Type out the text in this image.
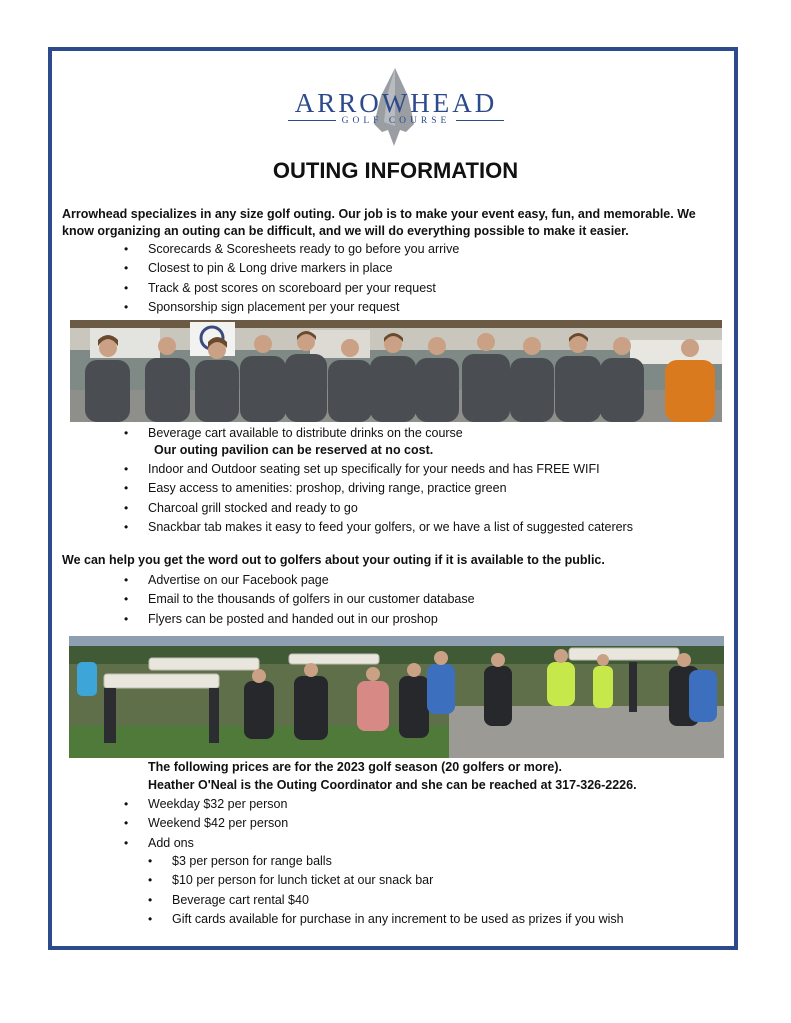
ARROWHEAD
GOLF COURSE
OUTING INFORMATION
Arrowhead specializes in any size golf outing. Our job is to make your event easy, fun, and memorable. We know organizing an outing can be difficult, and we will do everything possible to make it easier.
• Scorecards & Scoresheets ready to go before you arrive
• Closest to pin & Long drive markers in place
• Track & post scores on scoreboard per your request
• Sponsorship sign placement per your request
• Beverage cart available to distribute drinks on the course
Our outing pavilion can be reserved at no cost.
• Indoor and Outdoor seating set up specifically for your needs and has FREE WIFI
• Easy access to amenities: proshop, driving range, practice green
• Charcoal grill stocked and ready to go
• Snackbar tab makes it easy to feed your golfers, or we have a list of suggested caterers
We can help you get the word out to golfers about your outing if it is available to the public.
• Advertise on our Facebook page
• Email to the thousands of golfers in our customer database
• Flyers can be posted and handed out in our proshop
The following prices are for the 2023 golf season (20 golfers or more).
Heather O'Neal is the Outing Coordinator and she can be reached at 317-326-2226.
• Weekday $32 per person
• Weekend $42 per person
• Add ons
• $3 per person for range balls
• $10 per person for lunch ticket at our snack bar
• Beverage cart rental $40
• Gift cards available for purchase in any increment to be used as prizes if you wish
